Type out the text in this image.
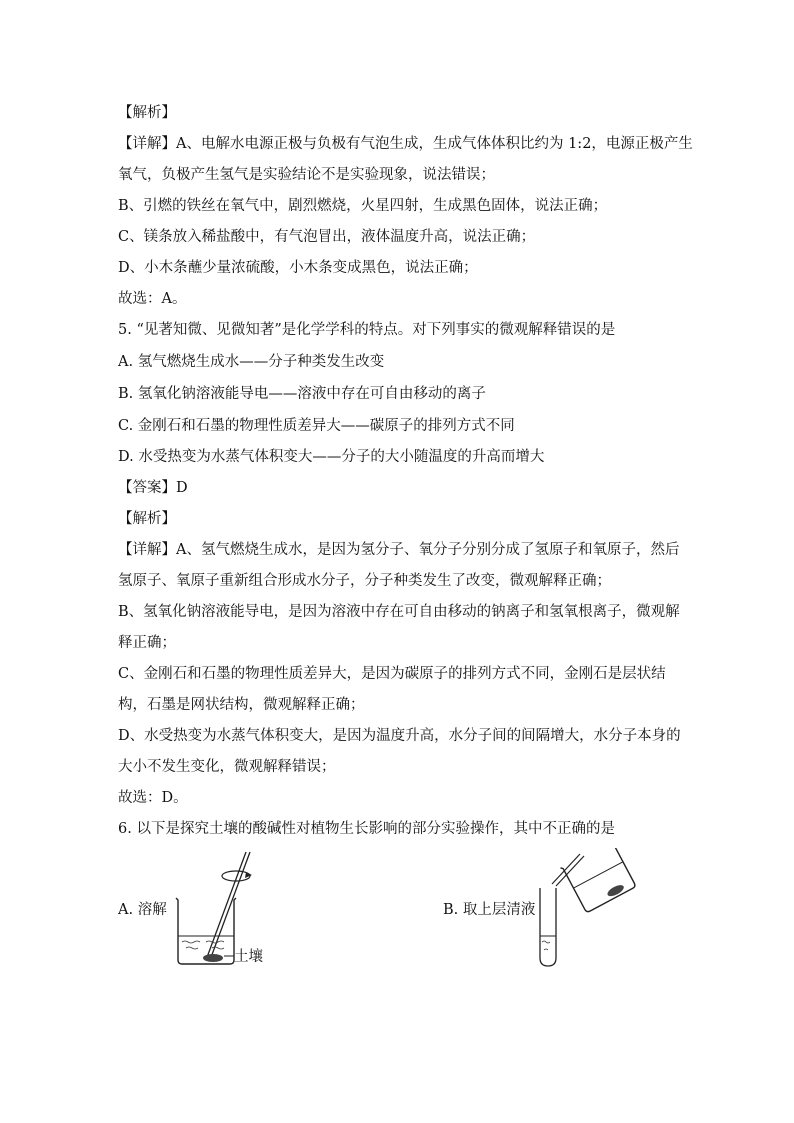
【解析】
【详解】A、电解水电源正极与负极有气泡生成，生成气体体积比约为 1:2，电源正极产生
氧气，负极产生氢气是实验结论不是实验现象，说法错误；
B、引燃的铁丝在氧气中，剧烈燃烧，火星四射，生成黑色固体，说法正确；
C、镁条放入稀盐酸中，有气泡冒出，液体温度升高，说法正确；
D、小木条蘸少量浓硫酸，小木条变成黑色，说法正确；
故选：A。
5. “见著知微、见微知著”是化学学科的特点。对下列事实的微观解释错误的是
A. 氢气燃烧生成水——分子种类发生改变
B. 氢氧化钠溶液能导电——溶液中存在可自由移动的离子
C. 金刚石和石墨的物理性质差异大——碳原子的排列方式不同
D. 水受热变为水蒸气体积变大——分子的大小随温度的升高而增大
【答案】D
【解析】
【详解】A、氢气燃烧生成水，是因为氢分子、氧分子分别分成了氢原子和氧原子，然后
氢原子、氧原子重新组合形成水分子，分子种类发生了改变，微观解释正确；
B、氢氧化钠溶液能导电，是因为溶液中存在可自由移动的钠离子和氢氧根离子，微观解
释正确；
C、金刚石和石墨的物理性质差异大，是因为碳原子的排列方式不同，金刚石是层状结
构，石墨是网状结构，微观解释正确；
D、水受热变为水蒸气体积变大，是因为温度升高，水分子间的间隔增大，水分子本身的
大小不发生变化，微观解释错误；
故选：D。
6. 以下是探究土壤的酸碱性对植物生长影响的部分实验操作，其中不正确的是
A. 溶解
土壤
B. 取上层清液
